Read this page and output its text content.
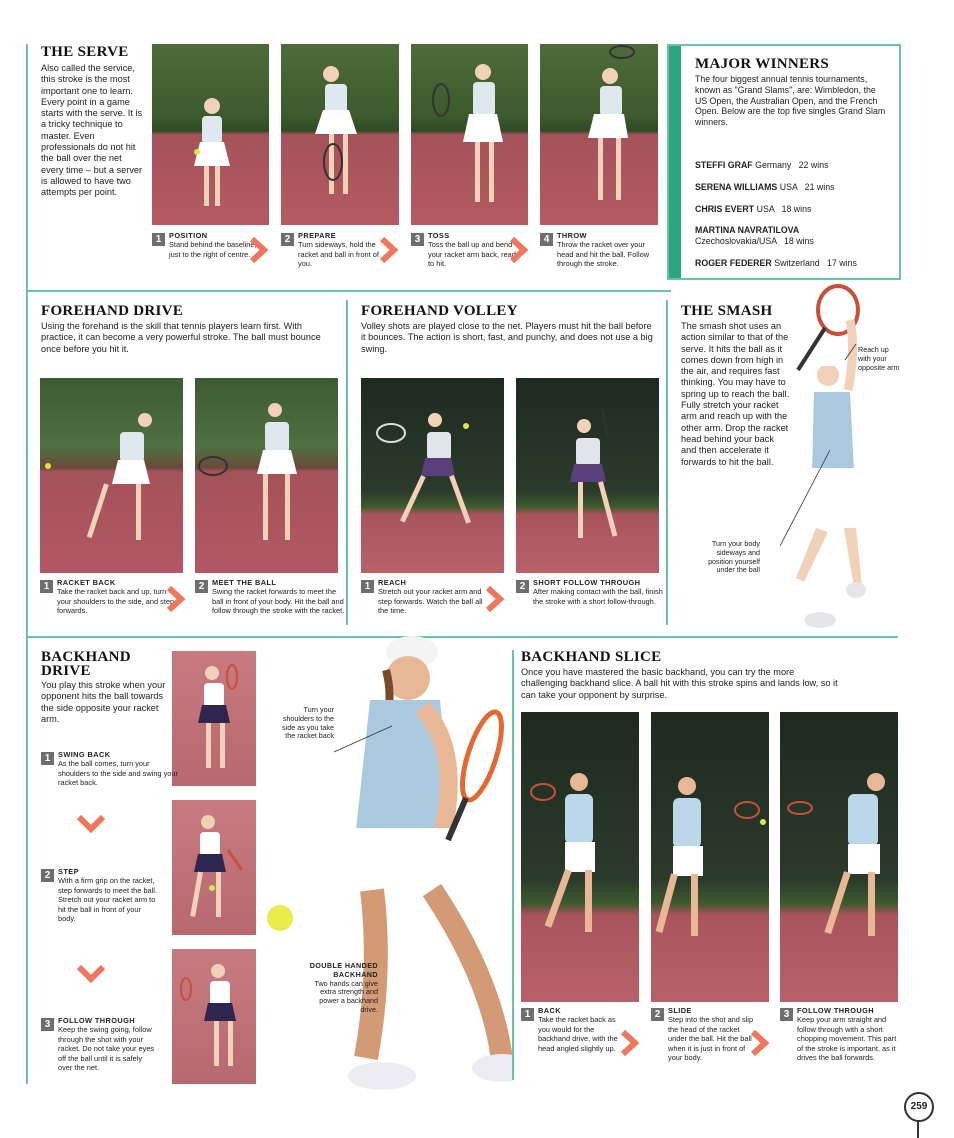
THE SERVE
Also called the service, this stroke is the most important one to learn. Every point in a game starts with the serve. It is a tricky technique to master. Even professionals do not hit the ball over the net every time – but a server is allowed to have two attempts per point.
1	POSITION
Stand behind the baseline, just to the right of centre.
2	PREPARE
Turn sideways, hold the racket and ball in front of you.
3	TOSS
Toss the ball up and bend your racket arm back, ready to hit.
4	THROW
Throw the racket over your head and hit the ball. Follow through the stroke.
MAJOR WINNERS
The four biggest annual tennis tournaments, known as "Grand Slams", are: Wimbledon, the US Open, the Australian Open, and the French Open. Below are the top five singles Grand Slam winners.
1 STEFFI GRAF Germany 22 wins
2 SERENA WILLIAMS USA 21 wins
3 CHRIS EVERT USA 18 wins
3 MARTINA NAVRATILOVA
Czechoslovakia/USA 18 wins
4 ROGER FEDERER Switzerland 17 wins
FOREHAND DRIVE
Using the forehand is the skill that tennis players learn first. With practice, it can become a very powerful stroke. The ball must bounce once before you hit it.
1	RACKET BACK
Take the racket back and up, turn your shoulders to the side, and step forwards.
2	MEET THE BALL
Swing the racket forwards to meet the ball in front of your body. Hit the ball and follow through the stroke with the racket.
FOREHAND VOLLEY
Volley shots are played close to the net. Players must hit the ball before it bounces. The action is short, fast, and punchy, and does not use a big swing.
1	REACH
Stretch out your racket arm and step forwards. Watch the ball all the time.
2	SHORT FOLLOW THROUGH
After making contact with the ball, finish the stroke with a short follow-through.
THE SMASH
The smash shot uses an action similar to that of the serve. It hits the ball as it comes down from high in the air, and requires fast thinking. You may have to spring up to reach the ball. Fully stretch your racket arm and reach up with the other arm. Drop the racket head behind your back and then accelerate it forwards to hit the ball.
Reach up with your opposite arm
Turn your body sideways and position yourself under the ball
BACKHAND DRIVE
You play this stroke when your opponent hits the ball towards the side opposite your racket arm.
1	SWING BACK
As the ball comes, turn your shoulders to the side and swing your racket back.
2	STEP
With a firm grip on the racket, step forwards to meet the ball. Stretch out your racket arm to hit the ball in front of your body.
3	FOLLOW THROUGH
Keep the swing going, follow through the shot with your racket. Do not take your eyes off the ball until it is safely over the net.
Turn your shoulders to the side as you take the racket back
DOUBLE HANDED BACKHAND
Two hands can give extra strength and power a backhand drive.
BACKHAND SLICE
Once you have mastered the basic backhand, you can try the more challenging backhand slice. A ball hit with this stroke spins and lands low, so it can take your opponent by surprise.
1	BACK
Take the racket back as you would for the backhand drive, with the head angled slightly up.
2	SLIDE
Step into the shot and slip the head of the racket under the ball. Hit the ball when it is just in front of your body.
3	FOLLOW THROUGH
Keep your arm straight and follow through with a short chopping movement. This part of the stroke is important, as it drives the ball forwards.
259
